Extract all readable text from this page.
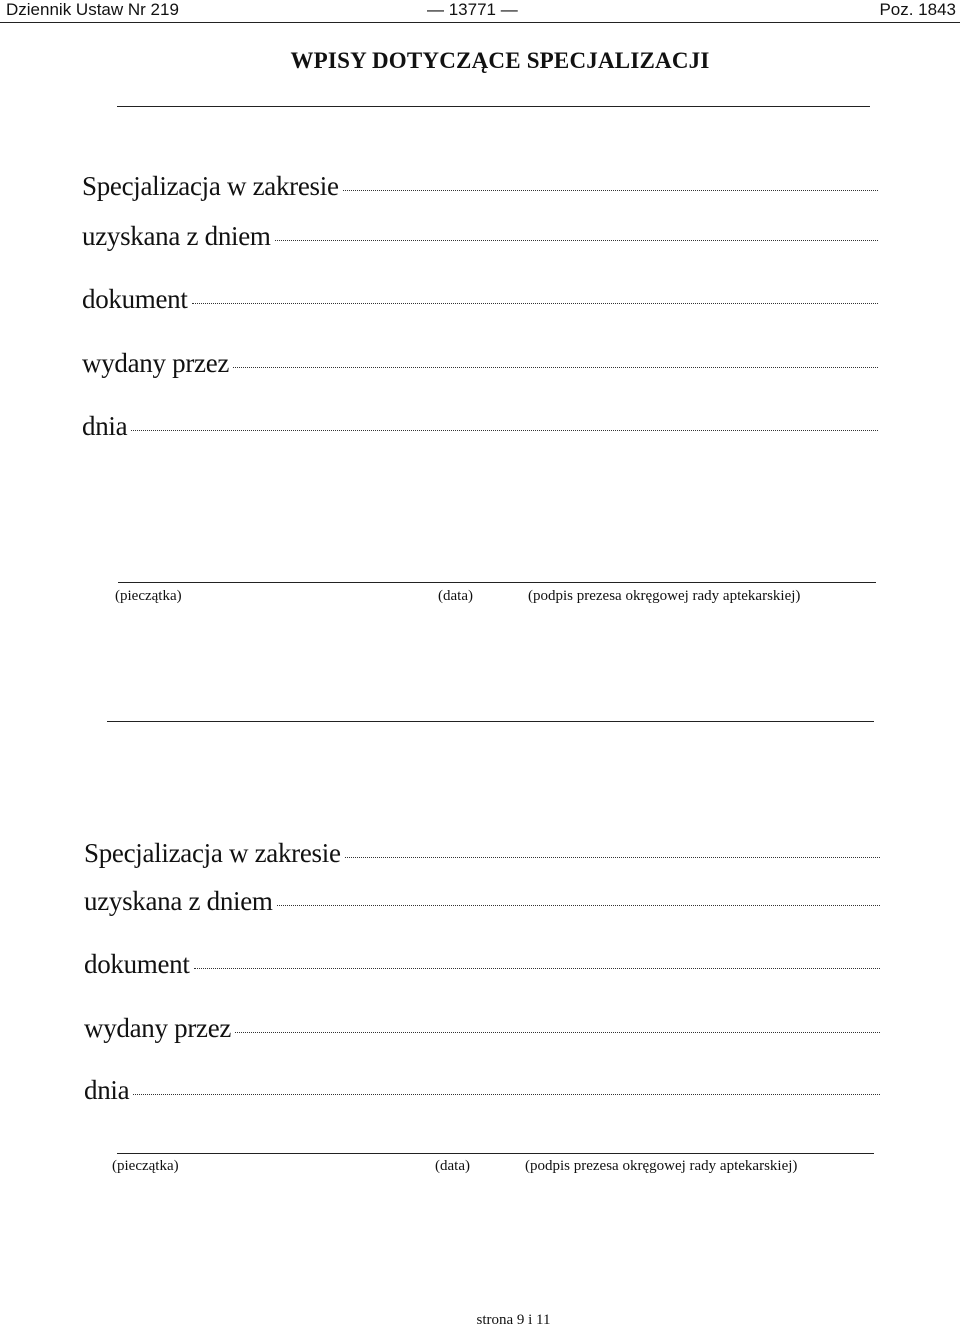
Dziennik Ustaw Nr 219	— 13771 —	Poz. 1843
WPISY DOTYCZĄCE SPECJALIZACJI
Specjalizacja w zakresie
uzyskana z dniem
dokument
wydany przez
dnia
(pieczątka)	(data)	(podpis prezesa okręgowej rady aptekarskiej)
Specjalizacja w zakresie
uzyskana z dniem
dokument
wydany przez
dnia
(pieczątka)	(data)	(podpis prezesa okręgowej rady aptekarskiej)
strona 9 i 11
